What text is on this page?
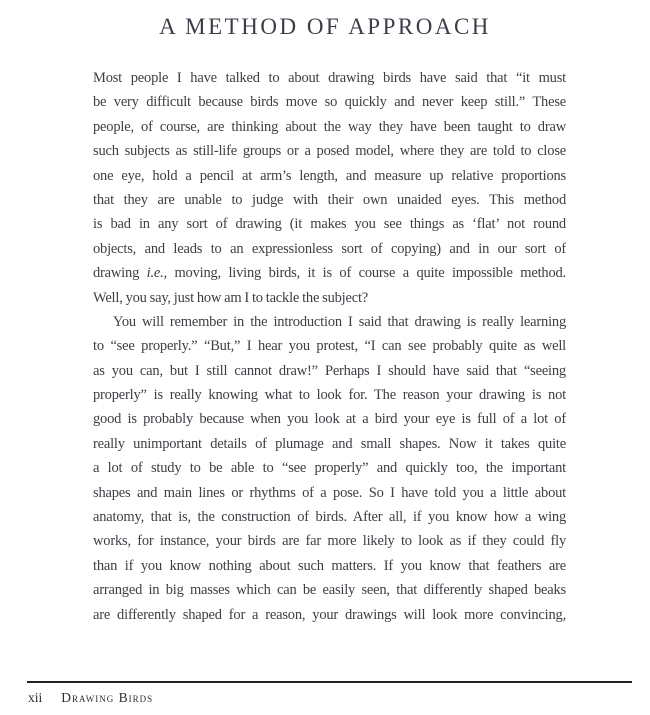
A METHOD OF APPROACH
Most people I have talked to about drawing birds have said that “it must
be very difficult because birds move so quickly and never keep still.” These
people, of course, are thinking about the way they have been taught to draw
such subjects as still-life groups or a posed model, where they are told to close
one eye, hold a pencil at arm’s length, and measure up relative proportions
that they are unable to judge with their own unaided eyes. This method
is bad in any sort of drawing (it makes you see things as ‘flat’ not round
objects, and leads to an expressionless sort of copying) and in our sort of
drawing i.e., moving, living birds, it is of course a quite impossible method.
Well, you say, just how am I to tackle the subject?
You will remember in the introduction I said that drawing is really learning
to “see properly.” “But,” I hear you protest, “I can see probably quite as well
as you can, but I still cannot draw!” Perhaps I should have said that “seeing
properly” is really knowing what to look for. The reason your drawing is not
good is probably because when you look at a bird your eye is full of a lot of
really unimportant details of plumage and small shapes. Now it takes quite
a lot of study to be able to “see properly” and quickly too, the important
shapes and main lines or rhythms of a pose. So I have told you a little about
anatomy, that is, the construction of birds. After all, if you know how a wing
works, for instance, your birds are far more likely to look as if they could fly
than if you know nothing about such matters. If you know that feathers are
arranged in big masses which can be easily seen, that differently shaped beaks
are differently shaped for a reason, your drawings will look more convincing,
xii Drawing Birds
